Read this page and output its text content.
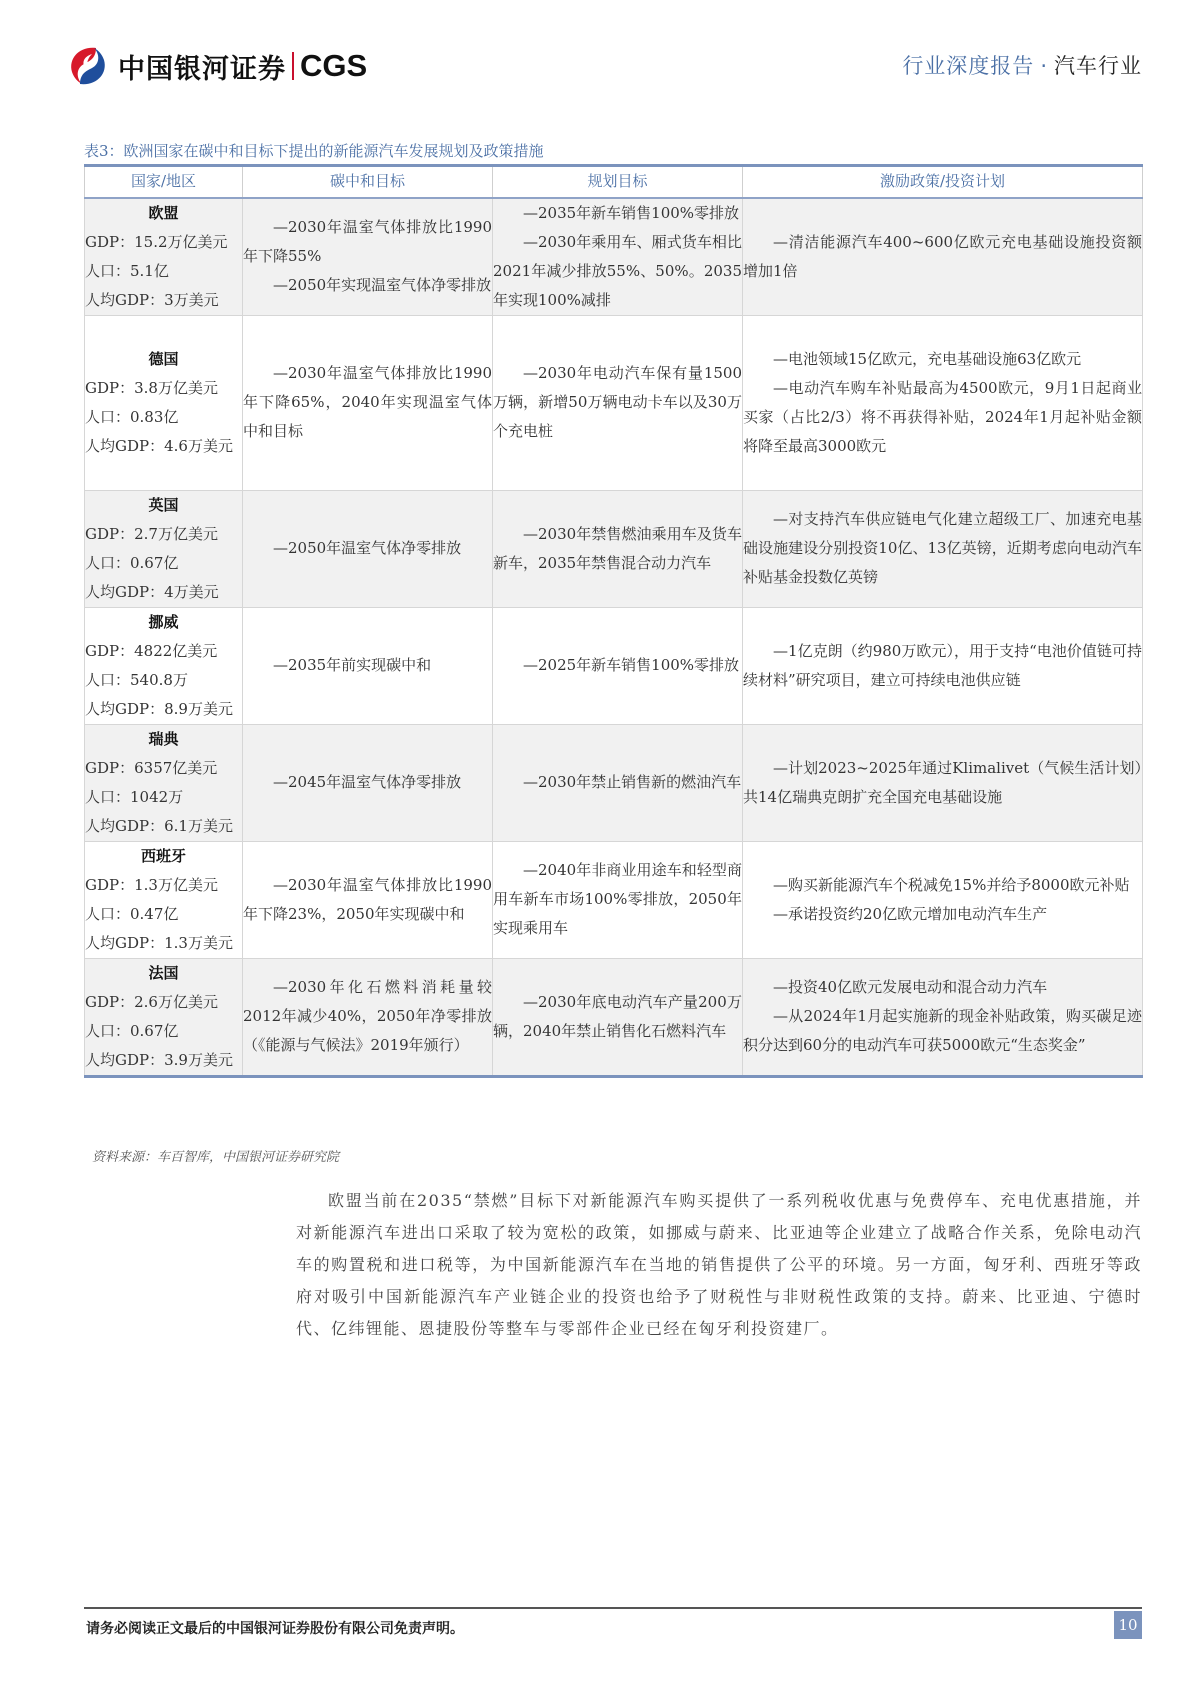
中国银河证券 CGS	行业深度报告 · 汽车行业
表3：欧洲国家在碳中和目标下提出的新能源汽车发展规划及政策措施
国家/地区	碳中和目标	规划目标	激励政策/投资计划

欧盟
GDP：15.2万亿美元
人口：5.1亿
人均GDP：3万美元	—2030年温室气体排放比1990年下降55%
—2050年实现温室气体净零排放	—2035年新车销售100%零排放
—2030年乘用车、厢式货车相比2021年减少排放55%、50%。2035年实现100%减排	—清洁能源汽车400~600亿欧元充电基础设施投资额增加1倍

德国
GDP：3.8万亿美元
人口：0.83亿
人均GDP：4.6万美元	—2030年温室气体排放比1990年下降65%，2040年实现温室气体中和目标	—2030年电动汽车保有量1500万辆，新增50万辆电动卡车以及30万个充电桩	—电池领域15亿欧元，充电基础设施63亿欧元
—电动汽车购车补贴最高为4500欧元，9月1日起商业买家（占比2/3）将不再获得补贴，2024年1月起补贴金额将降至最高3000欧元

英国
GDP：2.7万亿美元
人口：0.67亿
人均GDP：4万美元	—2050年温室气体净零排放	—2030年禁售燃油乘用车及货车新车，2035年禁售混合动力汽车	—对支持汽车供应链电气化建立超级工厂、加速充电基础设施建设分别投资10亿、13亿英镑，近期考虑向电动汽车补贴基金投数亿英镑

挪威
GDP：4822亿美元
人口：540.8万
人均GDP：8.9万美元	—2035年前实现碳中和	—2025年新车销售100%零排放	—1亿克朗（约980万欧元），用于支持“电池价值链可持续材料”研究项目，建立可持续电池供应链

瑞典
GDP：6357亿美元
人口：1042万
人均GDP：6.1万美元	—2045年温室气体净零排放	—2030年禁止销售新的燃油汽车	—计划2023~2025年通过Klimalivet（气候生活计划）共14亿瑞典克朗扩充全国充电基础设施

西班牙
GDP：1.3万亿美元
人口：0.47亿
人均GDP：1.3万美元	—2030年温室气体排放比1990年下降23%，2050年实现碳中和	—2040年非商业用途车和轻型商用车新车市场100%零排放，2050年实现乘用车	—购买新能源汽车个税减免15%并给予8000欧元补贴
—承诺投资约20亿欧元增加电动汽车生产

法国
GDP：2.6万亿美元
人口：0.67亿
人均GDP：3.9万美元	—2030年化石燃料消耗量较2012年减少40%，2050年净零排放（《能源与气候法》2019年颁行）	—2030年底电动汽车产量200万辆，2040年禁止销售化石燃料汽车	—投资40亿欧元发展电动和混合动力汽车
—从2024年1月起实施新的现金补贴政策，购买碳足迹积分达到60分的电动汽车可获5000欧元“生态奖金”
资料来源：车百智库，中国银河证券研究院

欧盟当前在2035“禁燃”目标下对新能源汽车购买提供了一系列税收优惠与免费停车、充电优惠措施，并对新能源汽车进出口采取了较为宽松的政策，如挪威与蔚来、比亚迪等企业建立了战略合作关系，免除电动汽车的购置税和进口税等，为中国新能源汽车在当地的销售提供了公平的环境。另一方面，匈牙利、西班牙等政府对吸引中国新能源汽车产业链企业的投资也给予了财税性与非财税性政策的支持。蔚来、比亚迪、宁德时代、亿纬锂能、恩捷股份等整车与零部件企业已经在匈牙利投资建厂。

请务必阅读正文最后的中国银河证券股份有限公司免责声明。	10
